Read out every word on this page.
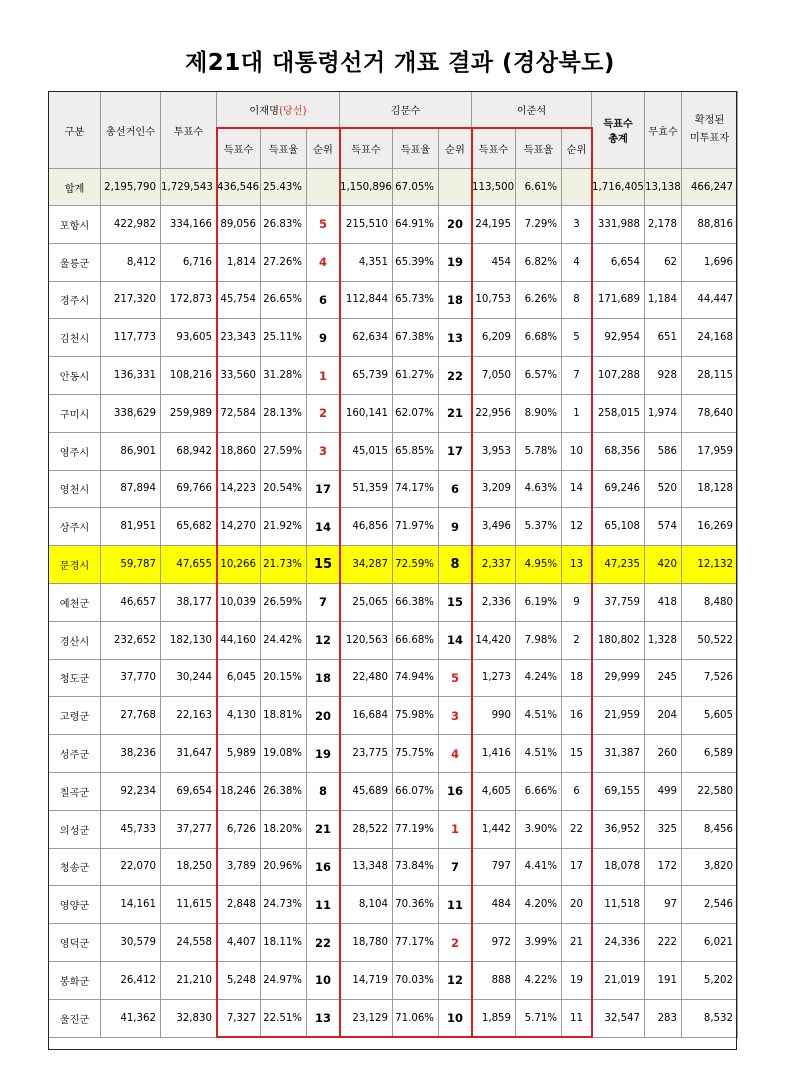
제21대 대통령선거 개표 결과 (경상북도)
구분	총선거인수	투표수	이재명(당선)			김문수			이준석			득표수
총계	무효수	확정된
미투표자
			득표수	득표율	순위	득표수	득표율	순위	득표수	득표율	순위			
합계	2,195,790	1,729,543	436,546	25.43%		1,150,896	67.05%		113,500	6.61%		1,716,405	13,138	466,247
포항시	422,982	334,166	89,056	26.83%	5	215,510	64.91%	20	24,195	7.29%	3	331,988	2,178	88,816
울릉군	8,412	6,716	1,814	27.26%	4	4,351	65.39%	19	454	6.82%	4	6,654	62	1,696
경주시	217,320	172,873	45,754	26.65%	6	112,844	65.73%	18	10,753	6.26%	8	171,689	1,184	44,447
김천시	117,773	93,605	23,343	25.11%	9	62,634	67.38%	13	6,209	6.68%	5	92,954	651	24,168
안동시	136,331	108,216	33,560	31.28%	1	65,739	61.27%	22	7,050	6.57%	7	107,288	928	28,115
구미시	338,629	259,989	72,584	28.13%	2	160,141	62.07%	21	22,956	8.90%	1	258,015	1,974	78,640
영주시	86,901	68,942	18,860	27.59%	3	45,015	65.85%	17	3,953	5.78%	10	68,356	586	17,959
영천시	87,894	69,766	14,223	20.54%	17	51,359	74.17%	6	3,209	4.63%	14	69,246	520	18,128
상주시	81,951	65,682	14,270	21.92%	14	46,856	71.97%	9	3,496	5.37%	12	65,108	574	16,269
문경시	59,787	47,655	10,266	21.73%	15	34,287	72.59%	8	2,337	4.95%	13	47,235	420	12,132
예천군	46,657	38,177	10,039	26.59%	7	25,065	66.38%	15	2,336	6.19%	9	37,759	418	8,480
경산시	232,652	182,130	44,160	24.42%	12	120,563	66.68%	14	14,420	7.98%	2	180,802	1,328	50,522
청도군	37,770	30,244	6,045	20.15%	18	22,480	74.94%	5	1,273	4.24%	18	29,999	245	7,526
고령군	27,768	22,163	4,130	18.81%	20	16,684	75.98%	3	990	4.51%	16	21,959	204	5,605
성주군	38,236	31,647	5,989	19.08%	19	23,775	75.75%	4	1,416	4.51%	15	31,387	260	6,589
칠곡군	92,234	69,654	18,246	26.38%	8	45,689	66.07%	16	4,605	6.66%	6	69,155	499	22,580
의성군	45,733	37,277	6,726	18.20%	21	28,522	77.19%	1	1,442	3.90%	22	36,952	325	8,456
청송군	22,070	18,250	3,789	20.96%	16	13,348	73.84%	7	797	4.41%	17	18,078	172	3,820
영양군	14,161	11,615	2,848	24.73%	11	8,104	70.36%	11	484	4.20%	20	11,518	97	2,546
영덕군	30,579	24,558	4,407	18.11%	22	18,780	77.17%	2	972	3.99%	21	24,336	222	6,021
봉화군	26,412	21,210	5,248	24.97%	10	14,719	70.03%	12	888	4.22%	19	21,019	191	5,202
울진군	41,362	32,830	7,327	22.51%	13	23,129	71.06%	10	1,859	5.71%	11	32,547	283	8,532
